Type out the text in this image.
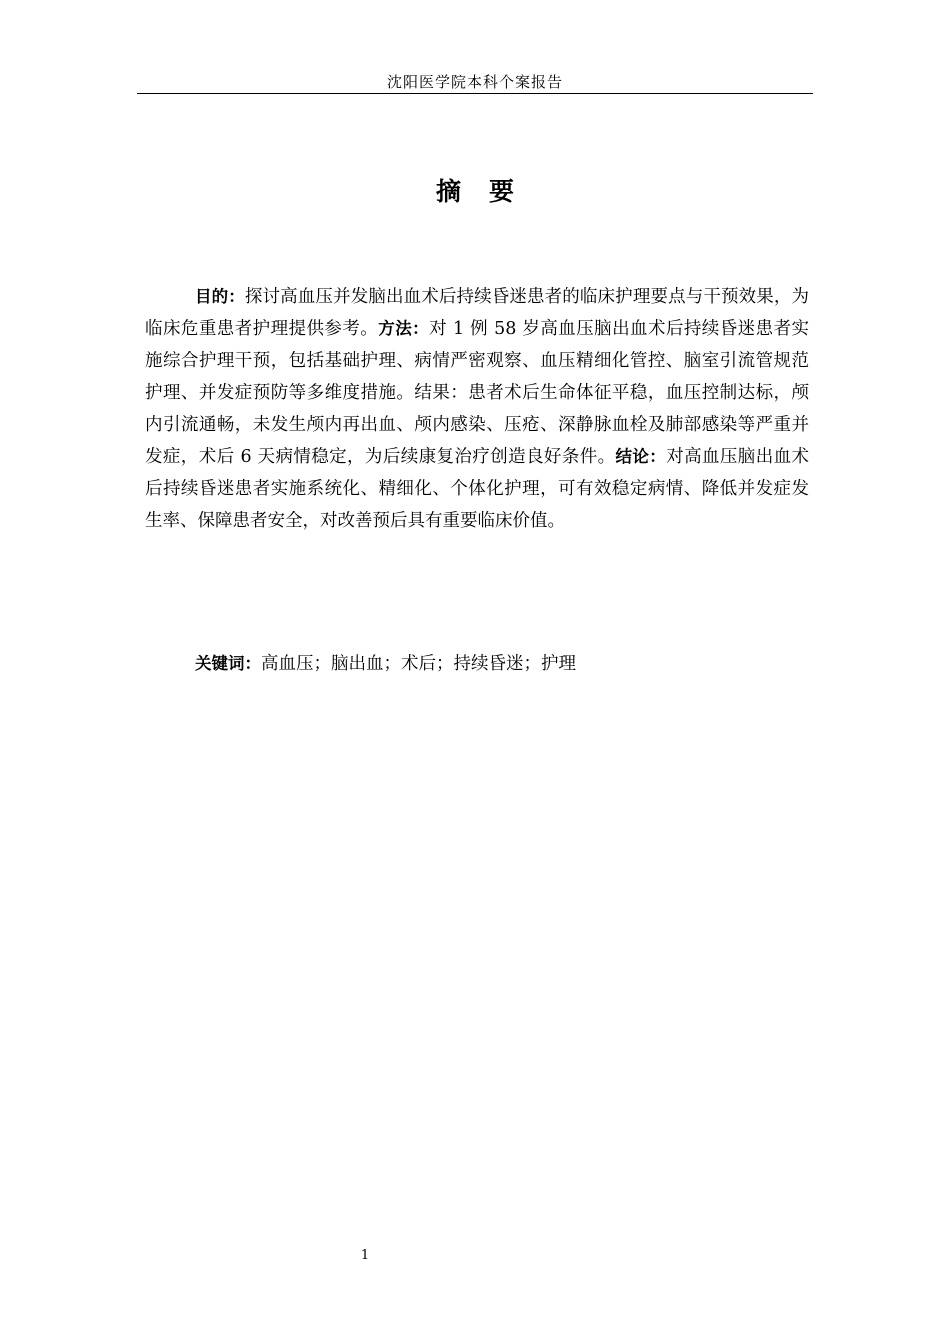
沈阳医学院本科个案报告
摘要

目的：探讨高血压并发脑出血术后持续昏迷患者的临床护理要点与干预效果，为临床危重患者护理提供参考。方法：对 1 例 58 岁高血压脑出血术后持续昏迷患者实施综合护理干预，包括基础护理、病情严密观察、血压精细化管控、脑室引流管规范护理、并发症预防等多维度措施。结果：患者术后生命体征平稳，血压控制达标，颅内引流通畅，未发生颅内再出血、颅内感染、压疮、深静脉血栓及肺部感染等严重并发症，术后 6 天病情稳定，为后续康复治疗创造良好条件。结论：对高血压脑出血术后持续昏迷患者实施系统化、精细化、个体化护理，可有效稳定病情、降低并发症发生率、保障患者安全，对改善预后具有重要临床价值。

关键词：高血压；脑出血；术后；持续昏迷；护理

1
